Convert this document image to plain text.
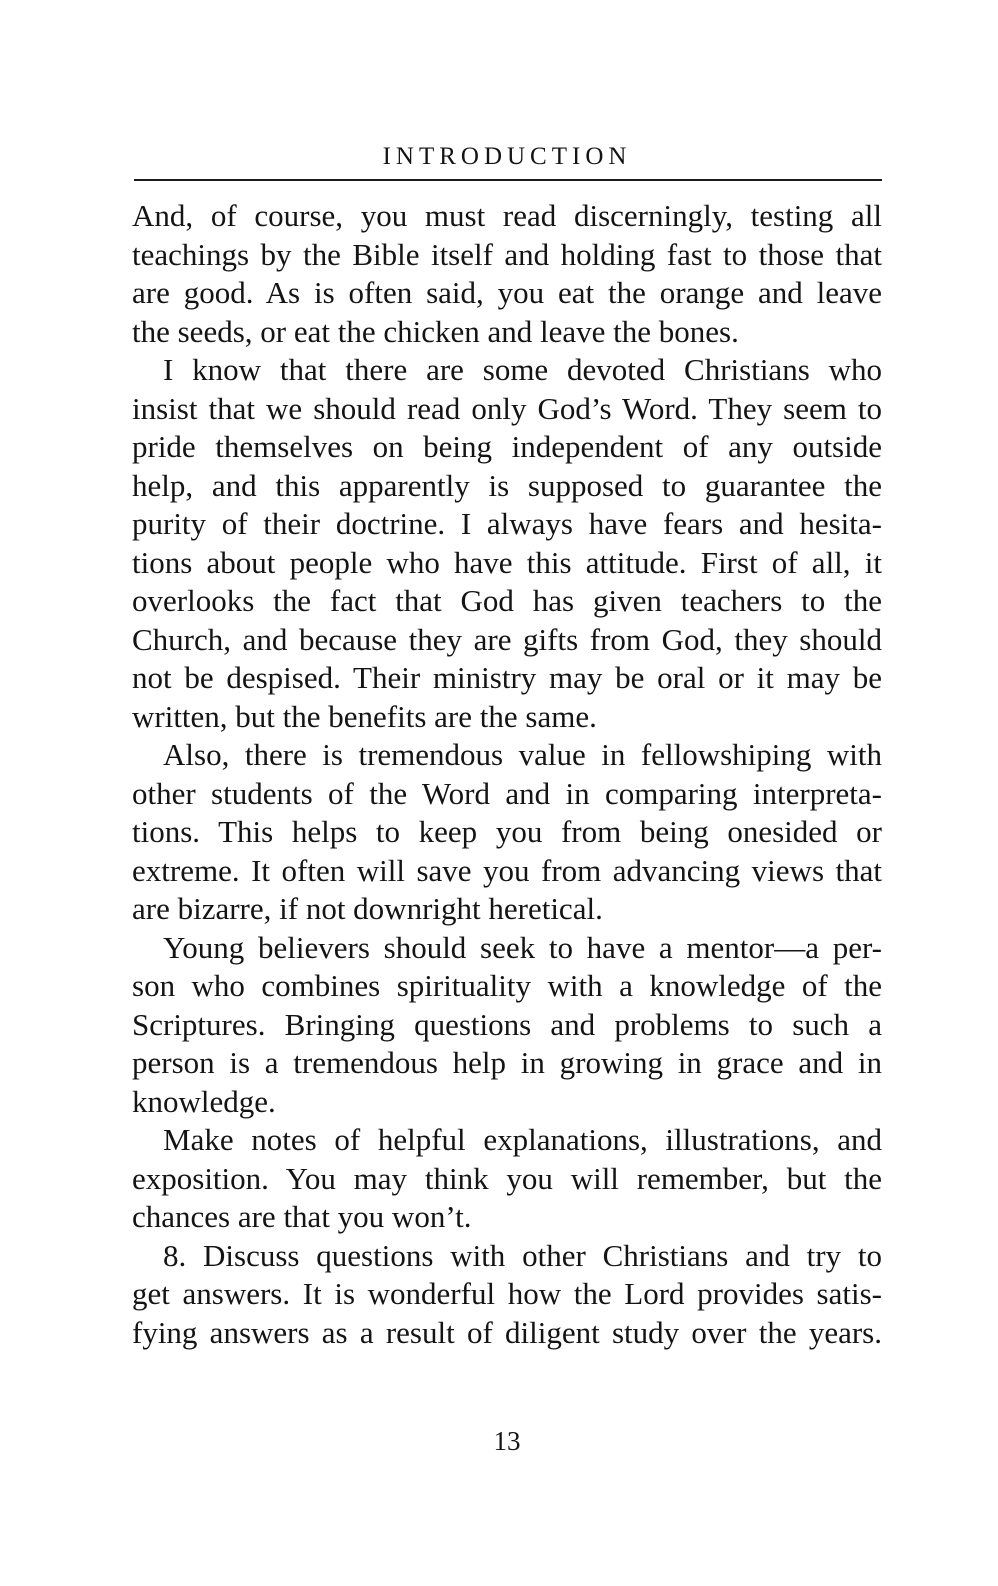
INTRODUCTION
And, of course, you must read discerningly, testing all
teachings by the Bible itself and holding fast to those that
are good. As is often said, you eat the orange and leave
the seeds, or eat the chicken and leave the bones.
I know that there are some devoted Christians who
insist that we should read only God’s Word. They seem to
pride themselves on being independent of any outside
help, and this apparently is supposed to guarantee the
purity of their doctrine. I always have fears and hesita-
tions about people who have this attitude. First of all, it
overlooks the fact that God has given teachers to the
Church, and because they are gifts from God, they should
not be despised. Their ministry may be oral or it may be
written, but the benefits are the same.
Also, there is tremendous value in fellowshiping with
other students of the Word and in comparing interpreta-
tions. This helps to keep you from being onesided or
extreme. It often will save you from advancing views that
are bizarre, if not downright heretical.
Young believers should seek to have a mentor—a per-
son who combines spirituality with a knowledge of the
Scriptures. Bringing questions and problems to such a
person is a tremendous help in growing in grace and in
knowledge.
Make notes of helpful explanations, illustrations, and
exposition. You may think you will remember, but the
chances are that you won’t.
8. Discuss questions with other Christians and try to
get answers. It is wonderful how the Lord provides satis-
fying answers as a result of diligent study over the years.
13
